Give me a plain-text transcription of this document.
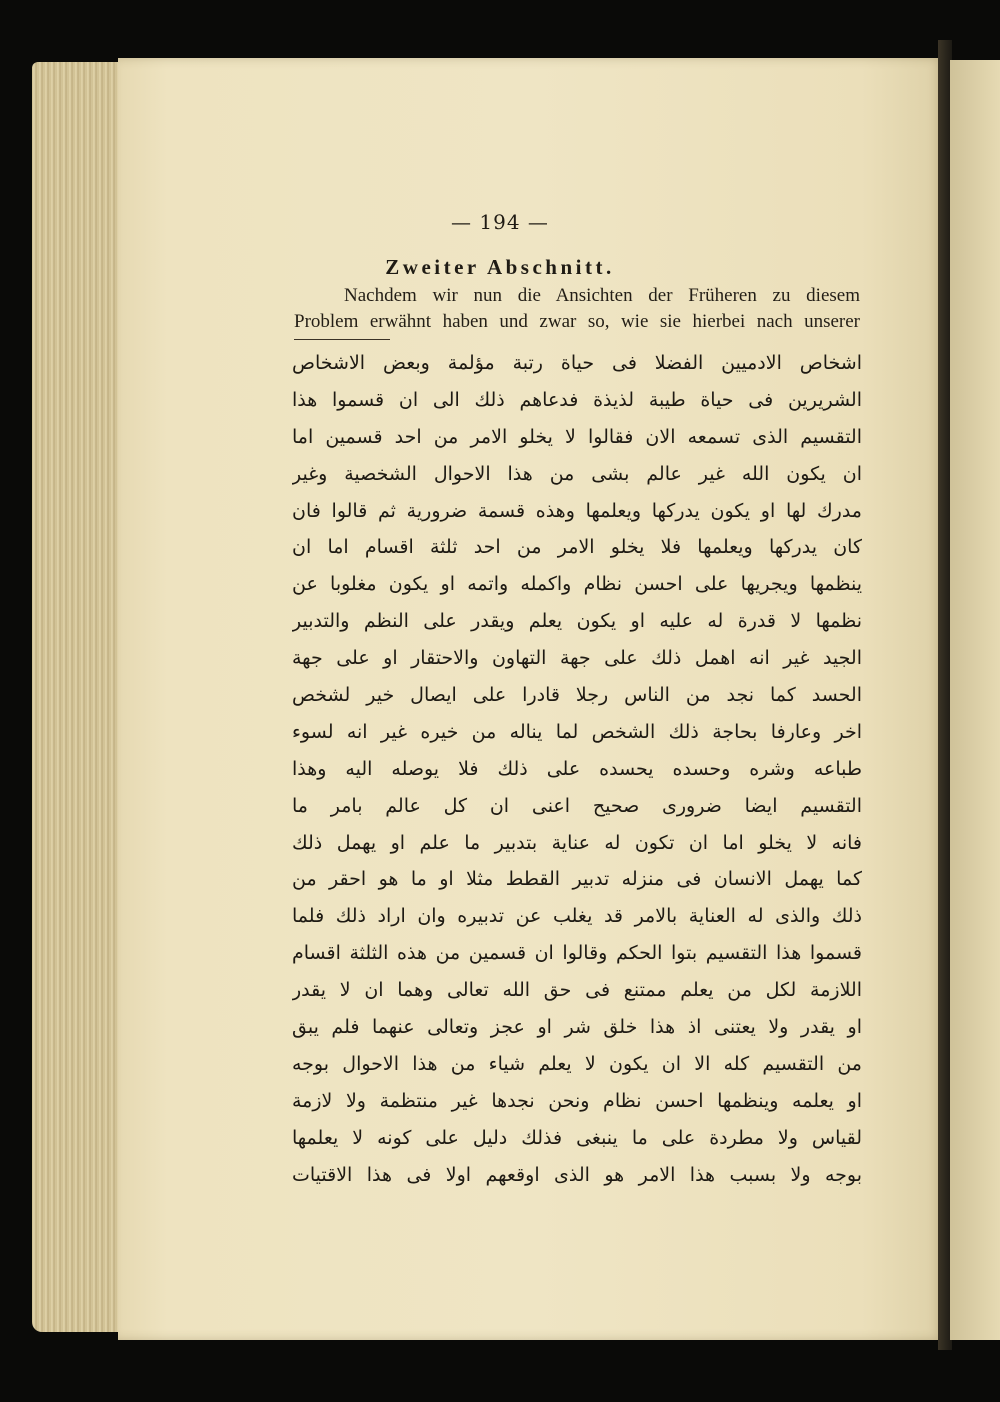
— 194 —
Zweiter Abschnitt.
Nachdem wir nun die Ansichten der Früheren zu diesem
Problem erwähnt haben und zwar so, wie sie hierbei nach unserer
اشخاص الادميين الفضلا فى حياة رتبة مؤلمة وبعض الاشخاص
الشريرين فى حياة طيبة لذيذة فدعاهم ذلك الى ان قسموا هذا
التقسيم الذى تسمعه الان فقالوا لا يخلو الامر من احد قسمين اما
ان يكون الله غير عالم بشى من هذا الاحوال الشخصية وغير
مدرك لها او يكون يدركها ويعلمها وهذه قسمة ضرورية ثم قالوا فان
كان يدركها ويعلمها فلا يخلو الامر من احد ثلثة اقسام اما ان
ينظمها ويجريها على احسن نظام واكمله واتمه او يكون مغلوبا عن
نظمها لا قدرة له عليه او يكون يعلم ويقدر على النظم والتدبير
الجيد غير انه اهمل ذلك على جهة التهاون والاحتقار او على جهة
الحسد كما نجد من الناس رجلا قادرا على ايصال خير لشخص
اخر وعارفا بحاجة ذلك الشخص لما يناله من خيره غير انه لسوء
طباعه وشره وحسده يحسده على ذلك فلا يوصله اليه وهذا
التقسيم ايضا ضرورى صحيح اعنى ان كل عالم بامر ما
فانه لا يخلو اما ان تكون له عناية بتدبير ما علم او يهمل ذلك
كما يهمل الانسان فى منزله تدبير القطط مثلا او ما هو احقر من
ذلك والذى له العناية بالامر قد يغلب عن تدبيره وان اراد ذلك فلما
قسموا هذا التقسيم بتوا الحكم وقالوا ان قسمين من هذه الثلثة اقسام
اللازمة لكل من يعلم ممتنع فى حق الله تعالى وهما ان لا يقدر
او يقدر ولا يعتنى اذ هذا خلق شر او عجز وتعالى عنهما فلم يبق
من التقسيم كله الا ان يكون لا يعلم شياء من هذا الاحوال بوجه
او يعلمه وينظمها احسن نظام ونحن نجدها غير منتظمة ولا لازمة
لقياس ولا مطردة على ما ينبغى فذلك دليل على كونه لا يعلمها
بوجه ولا بسبب هذا الامر هو الذى اوقعهم اولا فى هذا الاقتيات
